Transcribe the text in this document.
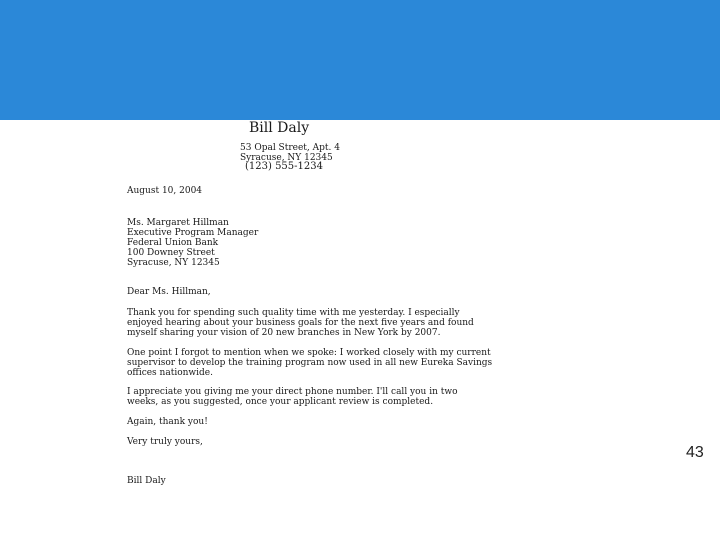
Bill Daly
53 Opal Street, Apt. 4
Syracuse, NY 12345
(123) 555-1234
August 10, 2004
Ms. Margaret Hillman
Executive Program Manager
Federal Union Bank
100 Downey Street
Syracuse, NY 12345
Dear Ms. Hillman,
Thank you for spending such quality time with me yesterday. I especially
enjoyed hearing about your business goals for the next five years and found
myself sharing your vision of 20 new branches in New York by 2007.
One point I forgot to mention when we spoke: I worked closely with my current
supervisor to develop the training program now used in all new Eureka Savings
offices nationwide.
I appreciate you giving me your direct phone number. I'll call you in two
weeks, as you suggested, once your applicant review is completed.
Again, thank you!
Very truly yours,
Bill Daly
43
